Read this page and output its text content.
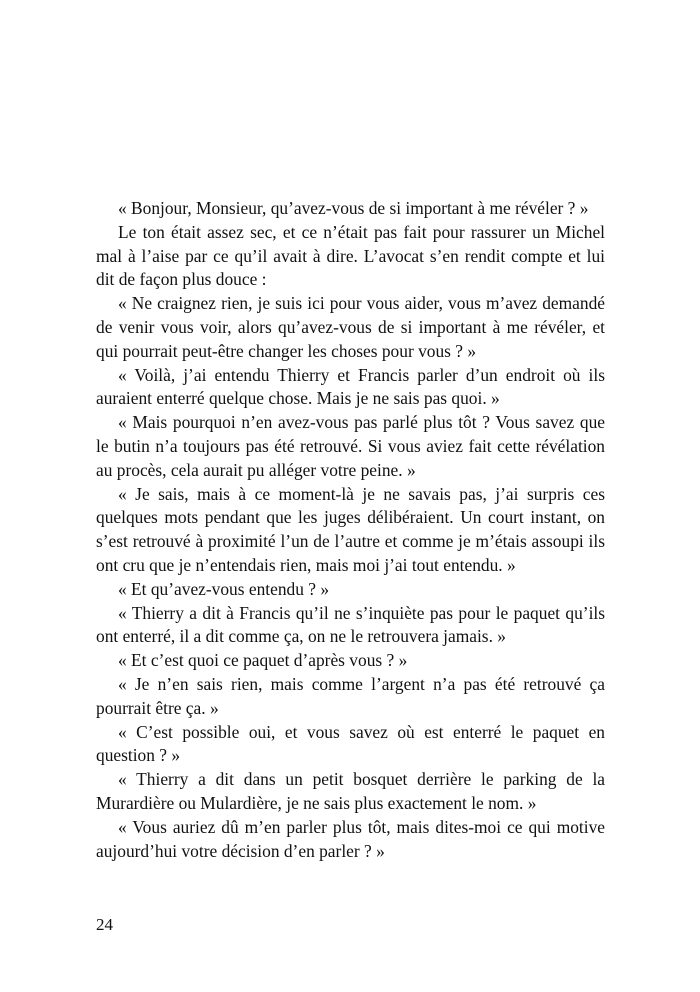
« Bonjour, Monsieur, qu’avez-vous de si important à me révéler ? »

Le ton était assez sec, et ce n’était pas fait pour rassurer un Michel mal à l’aise par ce qu’il avait à dire. L’avocat s’en rendit compte et lui dit de façon plus douce :

« Ne craignez rien, je suis ici pour vous aider, vous m’avez demandé de venir vous voir, alors qu’avez-vous de si important à me révéler, et qui pourrait peut-être changer les choses pour vous ? »

« Voilà, j’ai entendu Thierry et Francis parler d’un endroit où ils auraient enterré quelque chose. Mais je ne sais pas quoi. »

« Mais pourquoi n’en avez-vous pas parlé plus tôt ? Vous savez que le butin n’a toujours pas été retrouvé. Si vous aviez fait cette révélation au procès, cela aurait pu alléger votre peine. »

« Je sais, mais à ce moment-là je ne savais pas, j’ai surpris ces quelques mots pendant que les juges délibéraient. Un court instant, on s’est retrouvé à proximité l’un de l’autre et comme je m’étais assoupi ils ont cru que je n’entendais rien, mais moi j’ai tout entendu. »

« Et qu’avez-vous entendu ? »

« Thierry a dit à Francis qu’il ne s’inquiète pas pour le paquet qu’ils ont enterré, il a dit comme ça, on ne le retrouvera jamais. »

« Et c’est quoi ce paquet d’après vous ? »

« Je n’en sais rien, mais comme l’argent n’a pas été retrouvé ça pourrait être ça. »

« C’est possible oui, et vous savez où est enterré le paquet en question ? »

« Thierry a dit dans un petit bosquet derrière le parking de la Murardière ou Mulardière, je ne sais plus exactement le nom. »

« Vous auriez dû m’en parler plus tôt, mais dites-moi ce qui motive aujourd’hui votre décision d’en parler ? »

24
